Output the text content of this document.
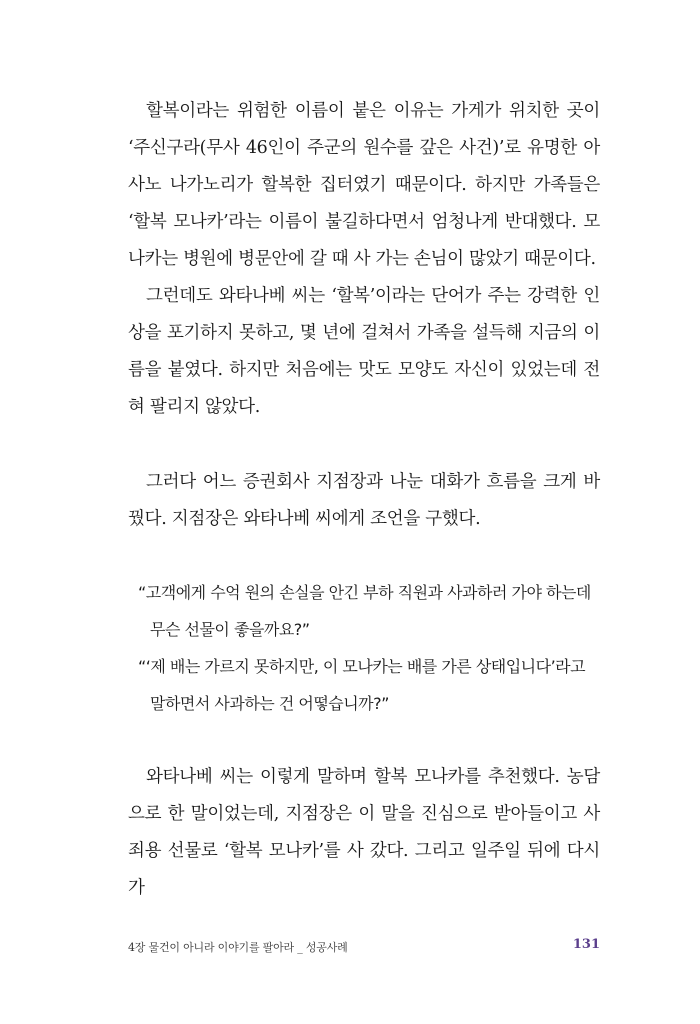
할복이라는 위험한 이름이 붙은 이유는 가게가 위치한 곳이 ‘주신구라(무사 46인이 주군의 원수를 갚은 사건)’로 유명한 아사노 나가노리가 할복한 집터였기 때문이다. 하지만 가족들은 ‘할복 모나카’라는 이름이 불길하다면서 엄청나게 반대했다. 모나카는 병원에 병문안에 갈 때 사 가는 손님이 많았기 때문이다.

그런데도 와타나베 씨는 ‘할복’이라는 단어가 주는 강력한 인상을 포기하지 못하고, 몇 년에 걸쳐서 가족을 설득해 지금의 이름을 붙였다. 하지만 처음에는 맛도 모양도 자신이 있었는데 전혀 팔리지 않았다.

그러다 어느 증권회사 지점장과 나눈 대화가 흐름을 크게 바꿨다. 지점장은 와타나베 씨에게 조언을 구했다.

“고객에게 수억 원의 손실을 안긴 부하 직원과 사과하러 가야 하는데 무슨 선물이 좋을까요?”

“‘제 배는 가르지 못하지만, 이 모나카는 배를 가른 상태입니다’라고 말하면서 사과하는 건 어떻습니까?”

와타나베 씨는 이렇게 말하며 할복 모나카를 추천했다. 농담으로 한 말이었는데, 지점장은 이 말을 진심으로 받아들이고 사죄용 선물로 ‘할복 모나카’를 사 갔다. 그리고 일주일 뒤에 다시 가

4장 물건이 아니라 이야기를 팔아라 _ 성공사례	131
